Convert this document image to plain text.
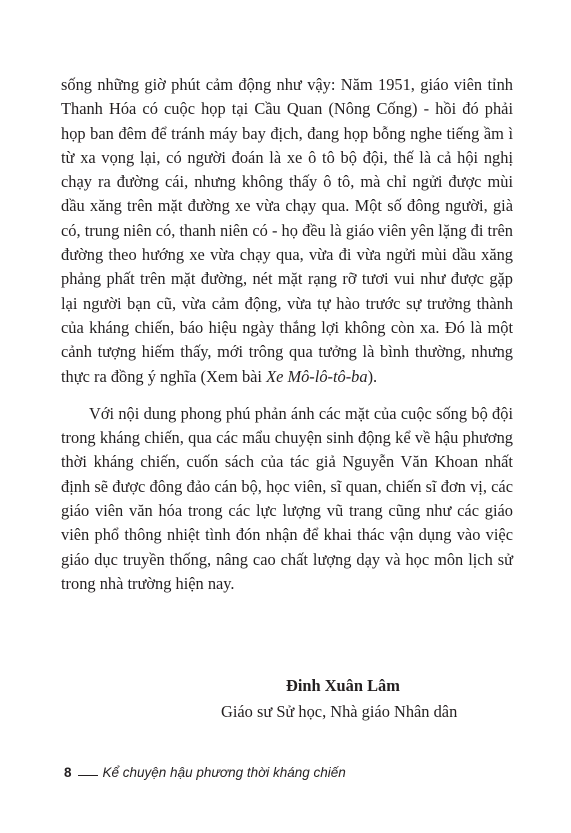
sống những giờ phút cảm động như vậy: Năm 1951, giáo viên tỉnh Thanh Hóa có cuộc họp tại Cầu Quan (Nông Cống) - hồi đó phải họp ban đêm để tránh máy bay địch, đang họp bỗng nghe tiếng ầm ì từ xa vọng lại, có người đoán là xe ô tô bộ đội, thế là cả hội nghị chạy ra đường cái, nhưng không thấy ô tô, mà chỉ ngửi được mùi dầu xăng trên mặt đường xe vừa chạy qua. Một số đông người, già có, trung niên có, thanh niên có - họ đều là giáo viên yên lặng đi trên đường theo hướng xe vừa chạy qua, vừa đi vừa ngửi mùi dầu xăng phảng phất trên mặt đường, nét mặt rạng rỡ tươi vui như được gặp lại người bạn cũ, vừa cảm động, vừa tự hào trước sự trưởng thành của kháng chiến, báo hiệu ngày thắng lợi không còn xa. Đó là một cảnh tượng hiếm thấy, mới trông qua tưởng là bình thường, nhưng thực ra đồng ý nghĩa (Xem bài Xe Mô-lô-tô-ba).

Với nội dung phong phú phản ánh các mặt của cuộc sống bộ đội trong kháng chiến, qua các mẩu chuyện sinh động kể về hậu phương thời kháng chiến, cuốn sách của tác giả Nguyễn Văn Khoan nhất định sẽ được đông đảo cán bộ, học viên, sĩ quan, chiến sĩ đơn vị, các giáo viên văn hóa trong các lực lượng vũ trang cũng như các giáo viên phổ thông nhiệt tình đón nhận để khai thác vận dụng vào việc giáo dục truyền thống, nâng cao chất lượng dạy và học môn lịch sử trong nhà trường hiện nay.

Đinh Xuân Lâm
Giáo sư Sử học, Nhà giáo Nhân dân
8 Kể chuyện hậu phương thời kháng chiến
